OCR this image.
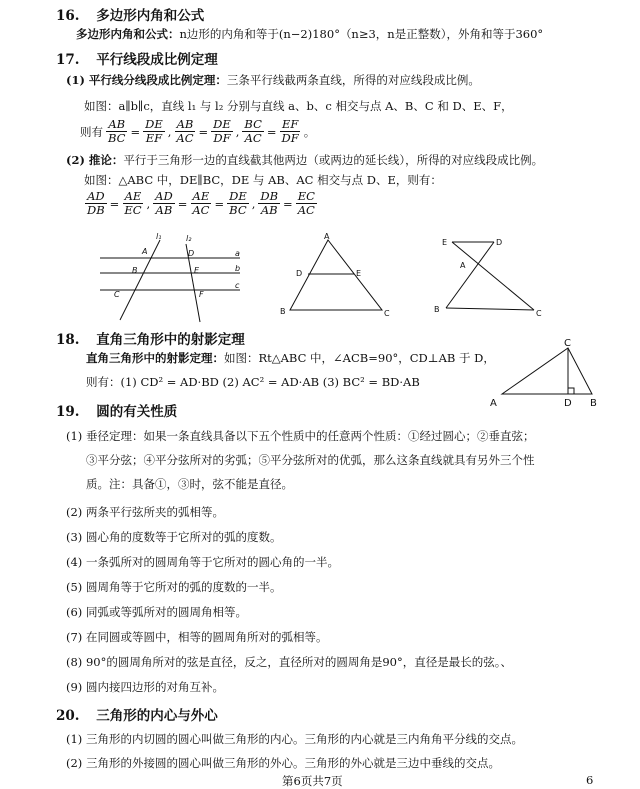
16. 多边形内角和公式
多边形内角和公式：n边形的内角和等于(n−2)180°（n≥3，n是正整数），外角和等于360°
17. 平行线段成比例定理
(1) 平行线分线段成比例定理：三条平行线截两条直线，所得的对应线段成比例。
如图：a∥b∥c，直线 l₁ 与 l₂ 分别与直线 a、b、c 相交与点 A、B、C 和 D、E、F，
则有 $\frac{AB}{BC} = \frac{DE}{EF}$ , $\frac{AB}{AC} = \frac{DE}{DF}$ , $\frac{BC}{AC} = \frac{EF}{DF}$ 。
(2) 推论：平行于三角形一边的直线截其他两边（或两边的延长线），所得的对应线段成比例。
如图：△ABC 中，DE∥BC，DE 与 AB、AC 相交与点 D、E，则有：
$\frac{AD}{DB} = \frac{AE}{EC}$ , $\frac{AD}{AB} = \frac{AE}{AC} = \frac{DE}{BC}$ , $\frac{DB}{AB} = \frac{EC}{AC}$
l₁	l₂
A
B
C
D
E
F
a
b
c
A
B	C
D	E
E	D
A
B	C
18. 直角三角形中的射影定理
直角三角形中的射影定理：如图：Rt△ABC 中，∠ACB=90°，CD⊥AB 于 D，
则有：(1) CD² = AD·BD (2) AC² = AD·AB (3) BC² = BD·AB
C
A	D B
19. 圆的有关性质
(1) 垂径定理：如果一条直线具备以下五个性质中的任意两个性质：①经过圆心；②垂直弦；
③平分弦；④平分弦所对的劣弧；⑤平分弦所对的优弧，那么这条直线就具有另外三个性
质。注：具备①，③时，弦不能是直径。
(2) 两条平行弦所夹的弧相等。
(3) 圆心角的度数等于它所对的弧的度数。
(4) 一条弧所对的圆周角等于它所对的圆心角的一半。
(5) 圆周角等于它所对的弧的度数的一半。
(6) 同弧或等弧所对的圆周角相等。
(7) 在同圆或等圆中，相等的圆周角所对的弧相等。
(8) 90°的圆周角所对的弦是直径，反之，直径所对的圆周角是90°，直径是最长的弦。、
(9) 圆内接四边形的对角互补。
20. 三角形的内心与外心
(1) 三角形的内切圆的圆心叫做三角形的内心。三角形的内心就是三内角角平分线的交点。
(2) 三角形的外接圆的圆心叫做三角形的外心。三角形的外心就是三边中垂线的交点。
第6页共7页	6
